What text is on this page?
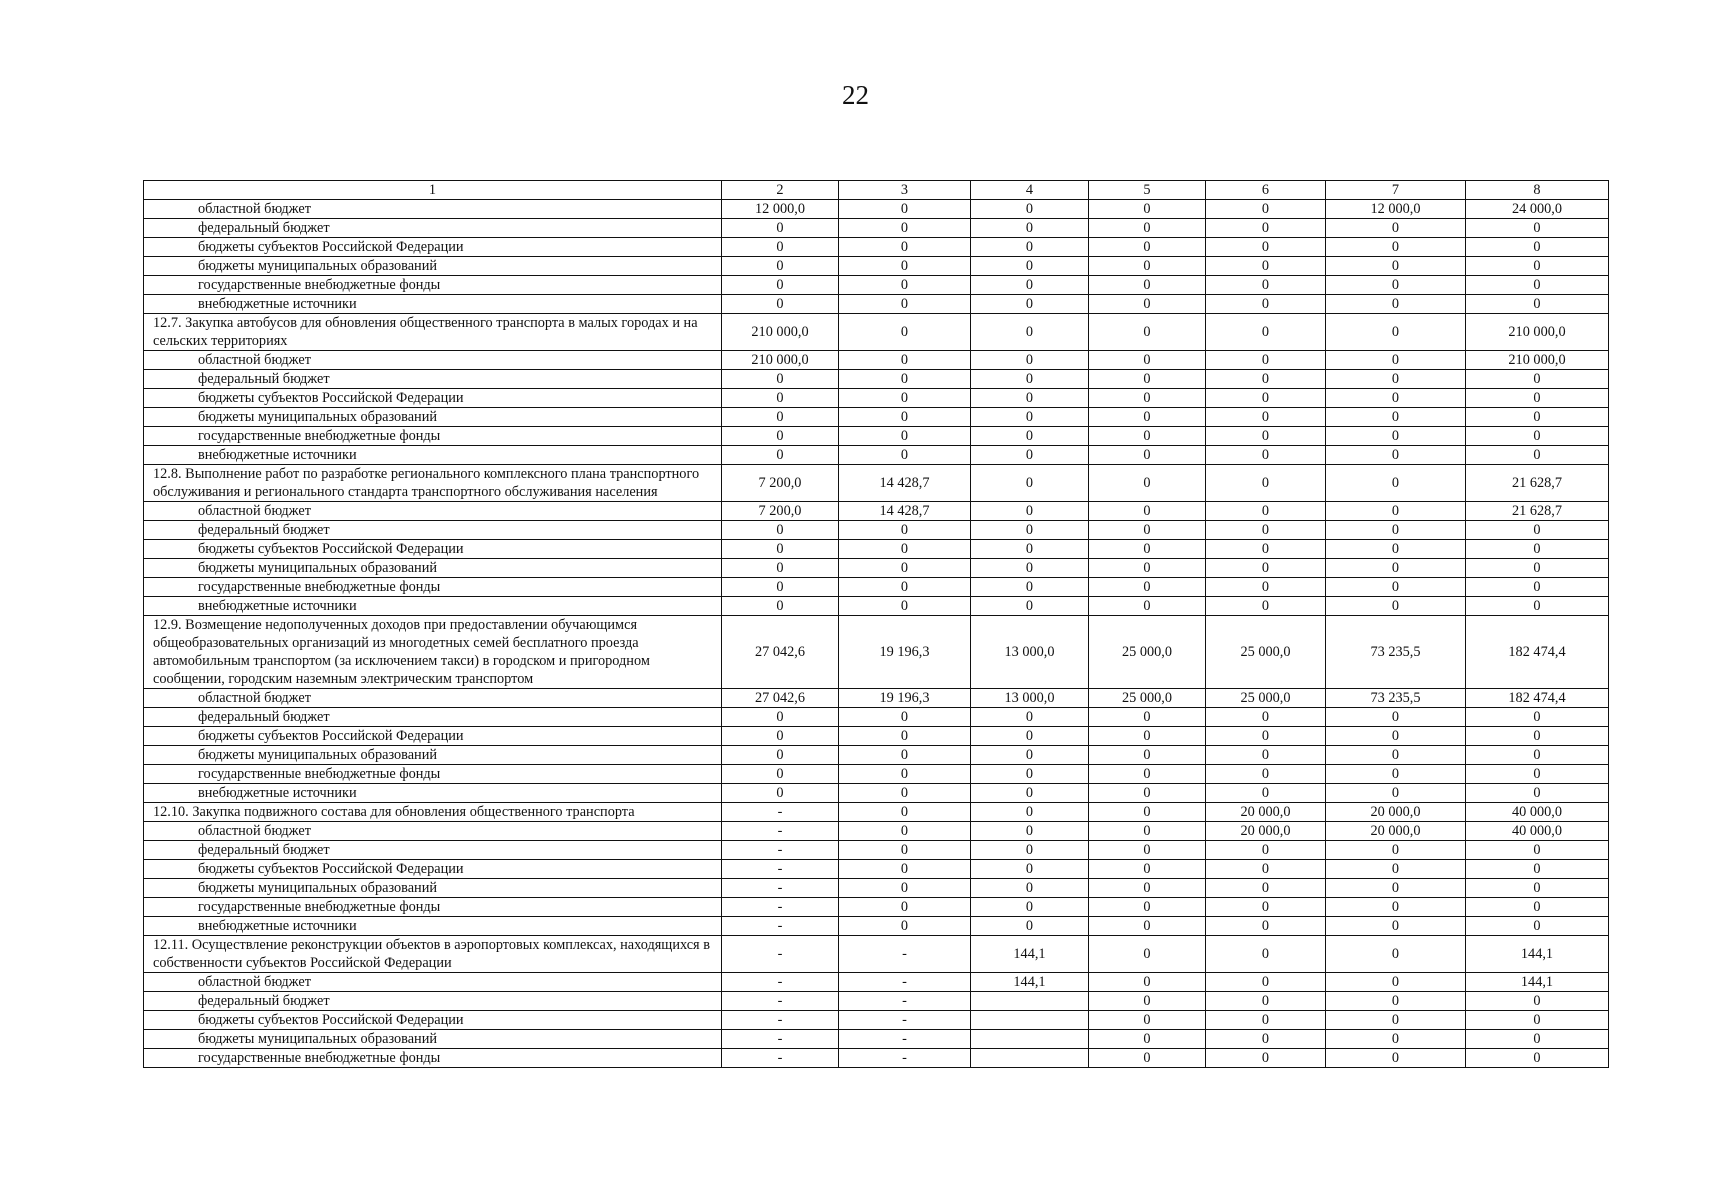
22
1	2	3	4	5	6	7	8
областной бюджет	12 000,0	0	0	0	0	12 000,0	24 000,0
федеральный бюджет	0	0	0	0	0	0	0
бюджеты субъектов Российской Федерации	0	0	0	0	0	0	0
бюджеты муниципальных образований	0	0	0	0	0	0	0
государственные внебюджетные фонды	0	0	0	0	0	0	0
внебюджетные источники	0	0	0	0	0	0	0
12.7. Закупка автобусов для обновления общественного транспорта в малых городах и на сельских территориях	210 000,0	0	0	0	0	0	210 000,0
областной бюджет	210 000,0	0	0	0	0	0	210 000,0
федеральный бюджет	0	0	0	0	0	0	0
бюджеты субъектов Российской Федерации	0	0	0	0	0	0	0
бюджеты муниципальных образований	0	0	0	0	0	0	0
государственные внебюджетные фонды	0	0	0	0	0	0	0
внебюджетные источники	0	0	0	0	0	0	0
12.8. Выполнение работ по разработке регионального комплексного плана транспортного обслуживания и регионального стандарта транспортного обслуживания населения	7 200,0	14 428,7	0	0	0	0	21 628,7
областной бюджет	7 200,0	14 428,7	0	0	0	0	21 628,7
федеральный бюджет	0	0	0	0	0	0	0
бюджеты субъектов Российской Федерации	0	0	0	0	0	0	0
бюджеты муниципальных образований	0	0	0	0	0	0	0
государственные внебюджетные фонды	0	0	0	0	0	0	0
внебюджетные источники	0	0	0	0	0	0	0
12.9. Возмещение недополученных доходов при предоставлении обучающимся общеобразовательных организаций из многодетных семей бесплатного проезда автомобильным транспортом (за исключением такси) в городском и пригородном сообщении, городским наземным электрическим транспортом	27 042,6	19 196,3	13 000,0	25 000,0	25 000,0	73 235,5	182 474,4
областной бюджет	27 042,6	19 196,3	13 000,0	25 000,0	25 000,0	73 235,5	182 474,4
федеральный бюджет	0	0	0	0	0	0	0
бюджеты субъектов Российской Федерации	0	0	0	0	0	0	0
бюджеты муниципальных образований	0	0	0	0	0	0	0
государственные внебюджетные фонды	0	0	0	0	0	0	0
внебюджетные источники	0	0	0	0	0	0	0
12.10. Закупка подвижного состава для обновления общественного транспорта	-	0	0	0	20 000,0	20 000,0	40 000,0
областной бюджет	-	0	0	0	20 000,0	20 000,0	40 000,0
федеральный бюджет	-	0	0	0	0	0	0
бюджеты субъектов Российской Федерации	-	0	0	0	0	0	0
бюджеты муниципальных образований	-	0	0	0	0	0	0
государственные внебюджетные фонды	-	0	0	0	0	0	0
внебюджетные источники	-	0	0	0	0	0	0
12.11. Осуществление реконструкции объектов в аэропортовых комплексах, находящихся в собственности субъектов Российской Федерации	-	-	144,1	0	0	0	144,1
областной бюджет	-	-	144,1	0	0	0	144,1
федеральный бюджет	-	-		0	0	0	0
бюджеты субъектов Российской Федерации	-	-		0	0	0	0
бюджеты муниципальных образований	-	-		0	0	0	0
государственные внебюджетные фонды	-	-		0	0	0	0
